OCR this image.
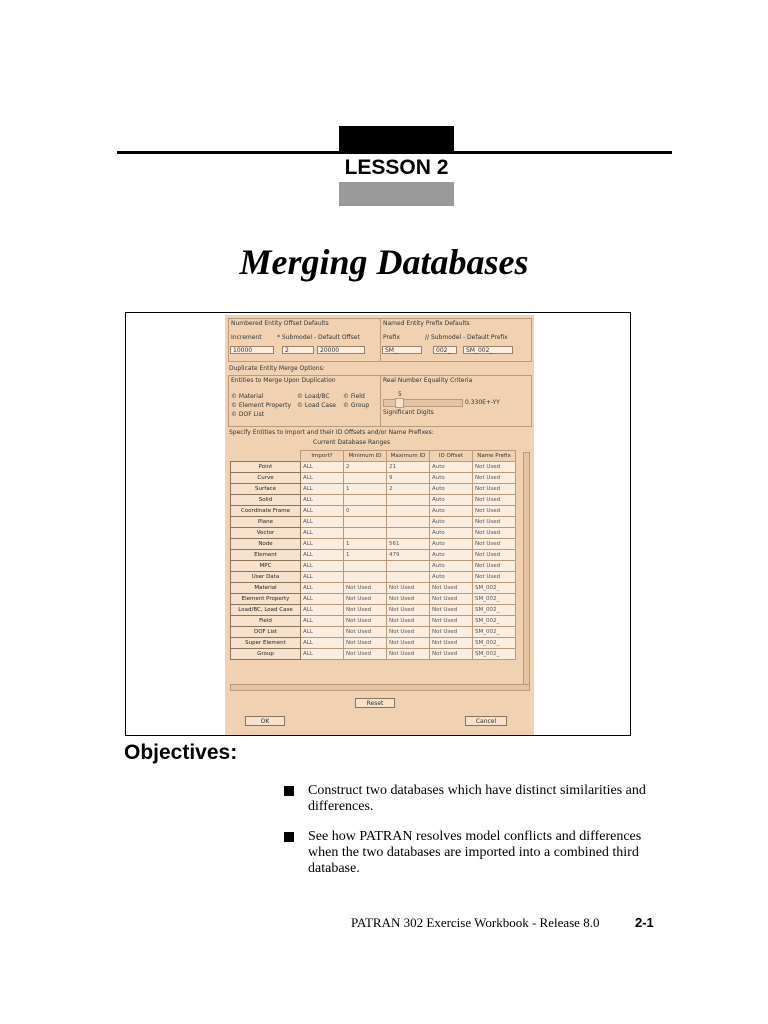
LESSON 2
Merging Databases
Numbered Entity Offset Defaults	Named Entity Prefix Defaults
Increment	* Submodel - Default Offset	Prefix	// Submodel - Default Prefix
10000	2	20000	SM_	002_	SM_002_
Duplicate Entity Merge Options:
Entities to Merge Upon Duplication	Real Number Equality Criteria
© Material	© Load/BC © Field
© Element Property © Load Case © Group
© DOF List
5
0.330E+-YY
Significant Digits
Specify Entities to Import and their ID Offsets and/or Name Prefixes:
Current Database Ranges
	Import?	Minimum ID	Maximum ID	ID Offset	Name Prefix
Point	ALL	2	21	Auto	Not Used
Curve	ALL		9	Auto	Not Used
Surface	ALL	1	2	Auto	Not Used
Solid	ALL			Auto	Not Used
Coordinate Frame	ALL	0		Auto	Not Used
Plane	ALL			Auto	Not Used
Vector	ALL			Auto	Not Used
Node	ALL	1	561	Auto	Not Used
Element	ALL	1	479	Auto	Not Used
MPC	ALL			Auto	Not Used
User Data	ALL			Auto	Not Used
Material	ALL	Not Used	Not Used	Not Used	SM_002_
Element Property	ALL	Not Used	Not Used	Not Used	SM_002_
Load/BC, Load Case	ALL	Not Used	Not Used	Not Used	SM_002_
Field	ALL	Not Used	Not Used	Not Used	SM_002_
DOF List	ALL	Not Used	Not Used	Not Used	SM_002_
Super Element	ALL	Not Used	Not Used	Not Used	SM_002_
Group	ALL	Not Used	Not Used	Not Used	SM_002_
Reset
OK	Cancel
Objectives:
Construct two databases which have distinct similarities and differences.
See how PATRAN resolves model conflicts and differences when the two databases are imported into a combined third database.
PATRAN 302 Exercise Workbook - Release 8.0	2-1
